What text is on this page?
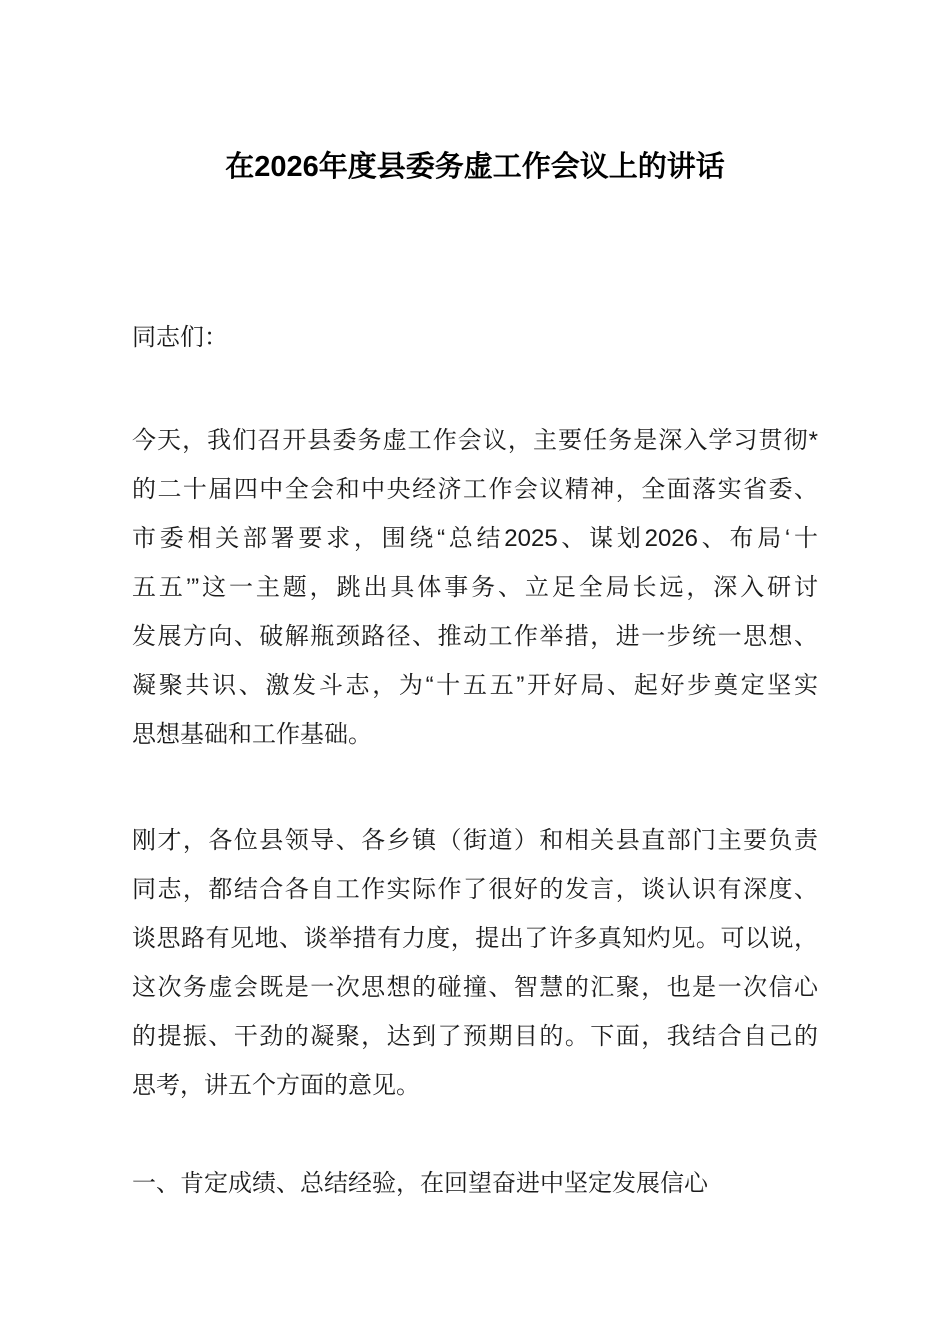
在2026年度县委务虚工作会议上的讲话

同志们：

今天，我们召开县委务虚工作会议，主要任务是深入学习贯彻*
的二十届四中全会和中央经济工作会议精神，全面落实省委、
市委相关部署要求，围绕“总结2025、谋划2026、布局‘十
五五’”这一主题，跳出具体事务、立足全局长远，深入研讨
发展方向、破解瓶颈路径、推动工作举措，进一步统一思想、
凝聚共识、激发斗志，为“十五五”开好局、起好步奠定坚实
思想基础和工作基础。
刚才，各位县领导、各乡镇（街道）和相关县直部门主要负责
同志，都结合各自工作实际作了很好的发言，谈认识有深度、
谈思路有见地、谈举措有力度，提出了许多真知灼见。可以说，
这次务虚会既是一次思想的碰撞、智慧的汇聚，也是一次信心
的提振、干劲的凝聚，达到了预期目的。下面，我结合自己的
思考，讲五个方面的意见。
一、肯定成绩、总结经验，在回望奋进中坚定发展信心
